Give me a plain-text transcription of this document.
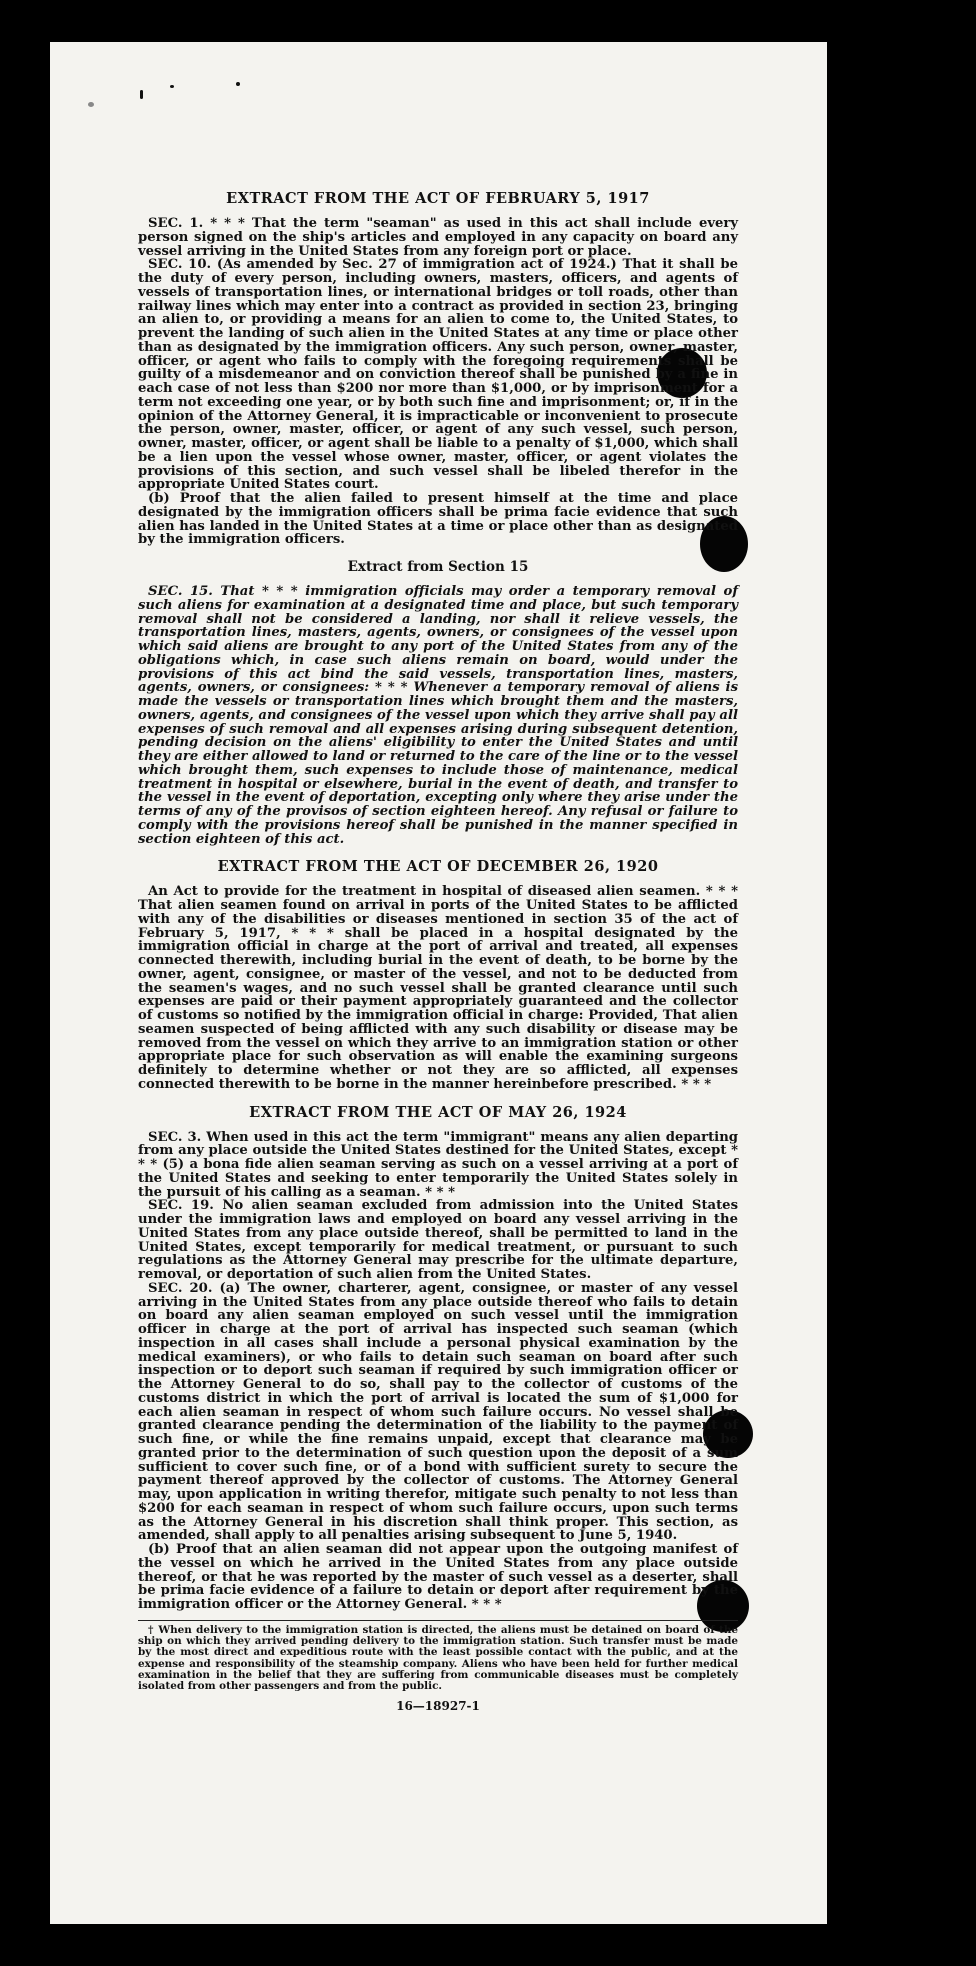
EXTRACT FROM THE ACT OF FEBRUARY 5, 1917

SEC. 1. * * * That the term "seaman" as used in this act shall include every person signed on the ship's articles and employed in any capacity on board any vessel arriving in the United States from any foreign port or place.

SEC. 10. (As amended by Sec. 27 of immigration act of 1924.) That it shall be the duty of every person, including owners, masters, officers, and agents of vessels of transportation lines, or international bridges or toll roads, other than railway lines which may enter into a contract as provided in section 23, bringing an alien to, or providing a means for an alien to come to, the United States, to prevent the landing of such alien in the United States at any time or place other than as designated by the immigration officers. Any such person, owner, master, officer, or agent who fails to comply with the foregoing requirements shall be guilty of a misdemeanor and on conviction thereof shall be punished by a fine in each case of not less than $200 nor more than $1,000, or by imprisonment for a term not exceeding one year, or by both such fine and imprisonment; or, if in the opinion of the Attorney General, it is impracticable or inconvenient to prosecute the person, owner, master, officer, or agent of any such vessel, such person, owner, master, officer, or agent shall be liable to a penalty of $1,000, which shall be a lien upon the vessel whose owner, master, officer, or agent violates the provisions of this section, and such vessel shall be libeled therefor in the appropriate United States court.

(b) Proof that the alien failed to present himself at the time and place designated by the immigration officers shall be prima facie evidence that such alien has landed in the United States at a time or place other than as designated by the immigration officers.

Extract from Section 15

SEC. 15. That * * * immigration officials may order a temporary removal of such aliens for examination at a designated time and place, but such temporary removal shall not be considered a landing, nor shall it relieve vessels, the transportation lines, masters, agents, owners, or consignees of the vessel upon which said aliens are brought to any port of the United States from any of the obligations which, in case such aliens remain on board, would under the provisions of this act bind the said vessels, transportation lines, masters, agents, owners, or consignees: * * * Whenever a temporary removal of aliens is made the vessels or transportation lines which brought them and the masters, owners, agents, and consignees of the vessel upon which they arrive shall pay all expenses of such removal and all expenses arising during subsequent detention, pending decision on the aliens' eligibility to enter the United States and until they are either allowed to land or returned to the care of the line or to the vessel which brought them, such expenses to include those of maintenance, medical treatment in hospital or elsewhere, burial in the event of death, and transfer to the vessel in the event of deportation, excepting only where they arise under the terms of any of the provisos of section eighteen hereof. Any refusal or failure to comply with the provisions hereof shall be punished in the manner specified in section eighteen of this act.

EXTRACT FROM THE ACT OF DECEMBER 26, 1920

An Act to provide for the treatment in hospital of diseased alien seamen. * * * That alien seamen found on arrival in ports of the United States to be afflicted with any of the disabilities or diseases mentioned in section 35 of the act of February 5, 1917, * * * shall be placed in a hospital designated by the immigration official in charge at the port of arrival and treated, all expenses connected therewith, including burial in the event of death, to be borne by the owner, agent, consignee, or master of the vessel, and not to be deducted from the seamen's wages, and no such vessel shall be granted clearance until such expenses are paid or their payment appropriately guaranteed and the collector of customs so notified by the immigration official in charge: Provided, That alien seamen suspected of being afflicted with any such disability or disease may be removed from the vessel on which they arrive to an immigration station or other appropriate place for such observation as will enable the examining surgeons definitely to determine whether or not they are so afflicted, all expenses connected therewith to be borne in the manner hereinbefore prescribed. * * *

EXTRACT FROM THE ACT OF MAY 26, 1924

SEC. 3. When used in this act the term "immigrant" means any alien departing from any place outside the United States destined for the United States, except * * * (5) a bona fide alien seaman serving as such on a vessel arriving at a port of the United States and seeking to enter temporarily the United States solely in the pursuit of his calling as a seaman. * * *

SEC. 19. No alien seaman excluded from admission into the United States under the immigration laws and employed on board any vessel arriving in the United States from any place outside thereof, shall be permitted to land in the United States, except temporarily for medical treatment, or pursuant to such regulations as the Attorney General may prescribe for the ultimate departure, removal, or deportation of such alien from the United States.

SEC. 20. (a) The owner, charterer, agent, consignee, or master of any vessel arriving in the United States from any place outside thereof who fails to detain on board any alien seaman employed on such vessel until the immigration officer in charge at the port of arrival has inspected such seaman (which inspection in all cases shall include a personal physical examination by the medical examiners), or who fails to detain such seaman on board after such inspection or to deport such seaman if required by such immigration officer or the Attorney General to do so, shall pay to the collector of customs of the customs district in which the port of arrival is located the sum of $1,000 for each alien seaman in respect of whom such failure occurs. No vessel shall be granted clearance pending the determination of the liability to the payment of such fine, or while the fine remains unpaid, except that clearance may be granted prior to the determination of such question upon the deposit of a sum sufficient to cover such fine, or of a bond with sufficient surety to secure the payment thereof approved by the collector of customs. The Attorney General may, upon application in writing therefor, mitigate such penalty to not less than $200 for each seaman in respect of whom such failure occurs, upon such terms as the Attorney General in his discretion shall think proper. This section, as amended, shall apply to all penalties arising subsequent to June 5, 1940.

(b) Proof that an alien seaman did not appear upon the outgoing manifest of the vessel on which he arrived in the United States from any place outside thereof, or that he was reported by the master of such vessel as a deserter, shall be prima facie evidence of a failure to detain or deport after requirement by the immigration officer or the Attorney General. * * *

† When delivery to the immigration station is directed, the aliens must be detained on board of the ship on which they arrived pending delivery to the immigration station. Such transfer must be made by the most direct and expeditious route with the least possible contact with the public, and at the expense and responsibility of the steamship company. Aliens who have been held for further medical examination in the belief that they are suffering from communicable diseases must be completely isolated from other passengers and from the public.

16—18927-1
